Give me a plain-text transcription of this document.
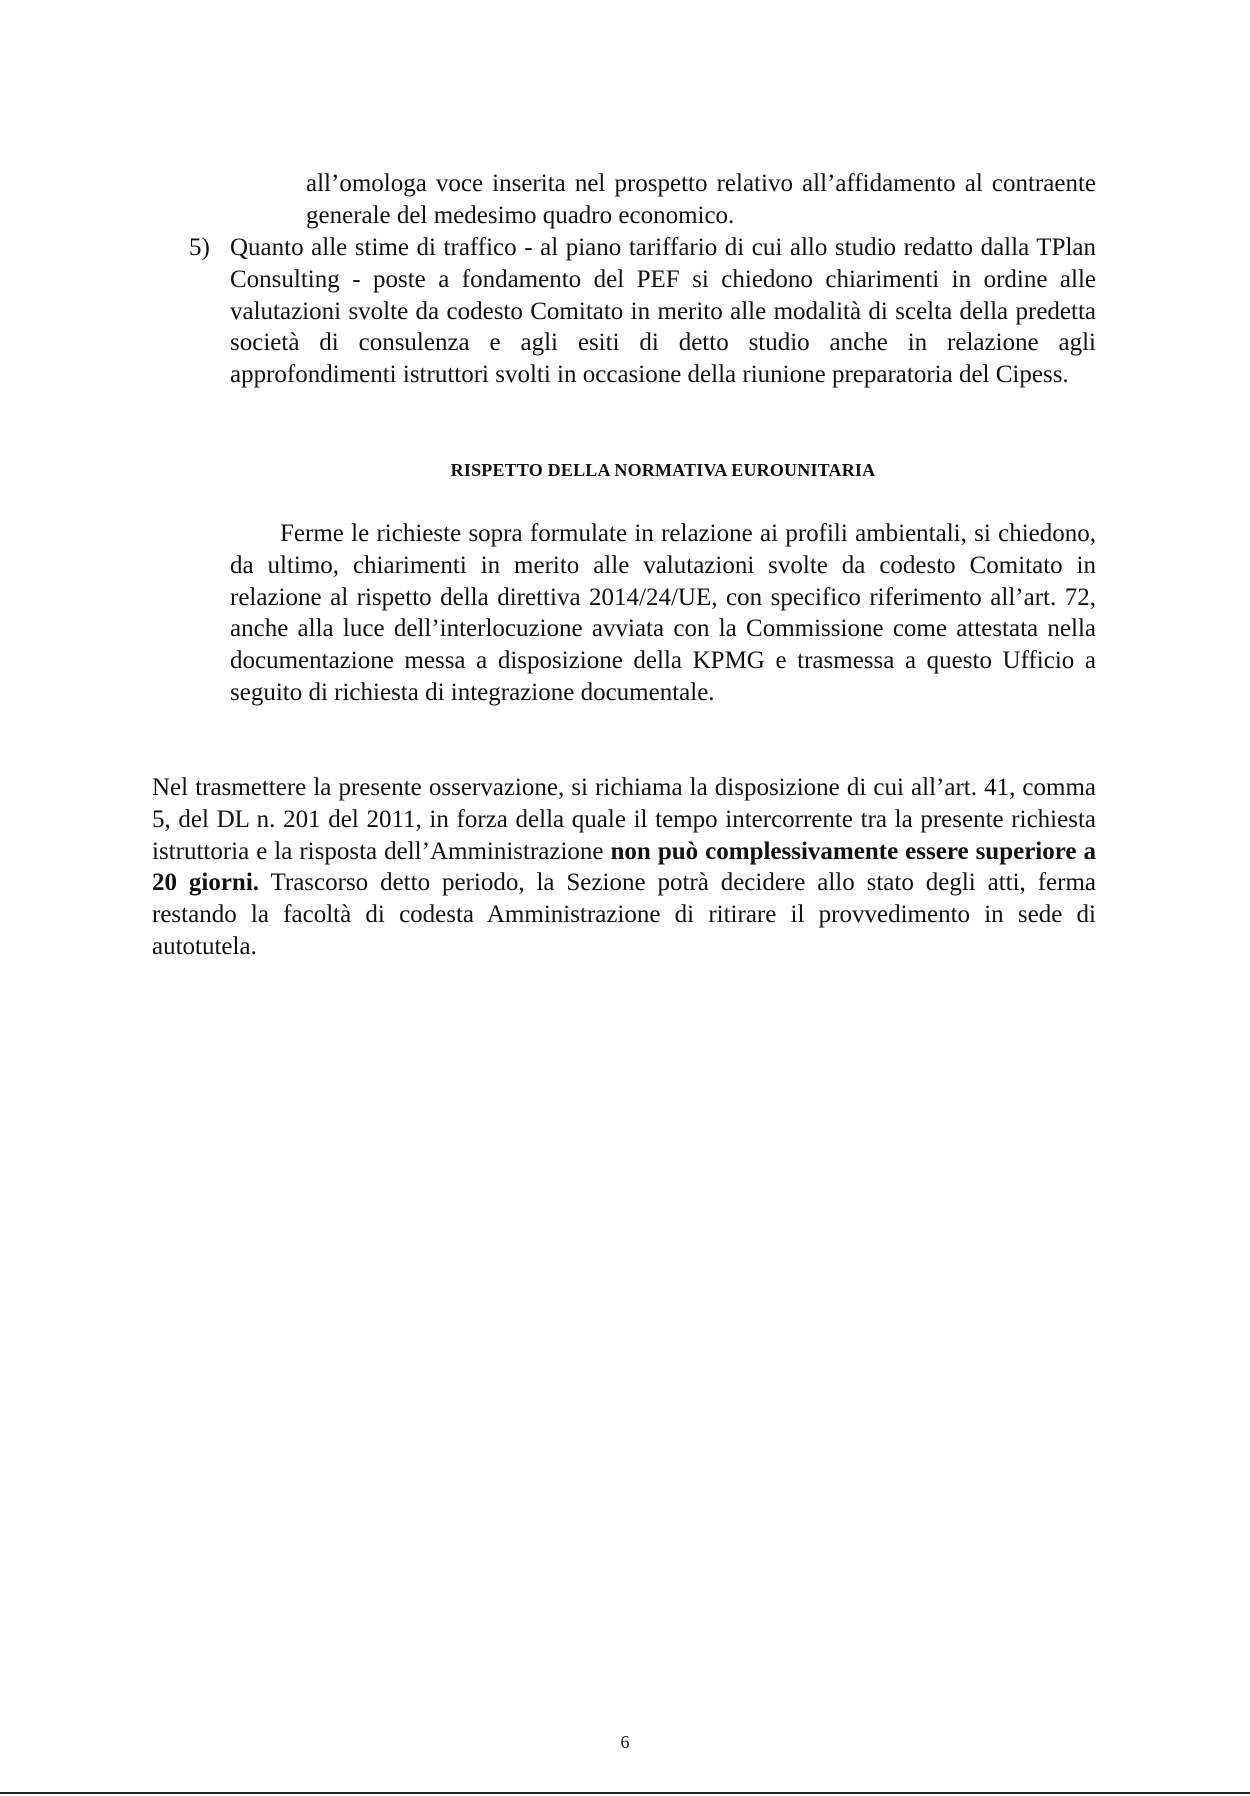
all’omologa voce inserita nel prospetto relativo all’affidamento al contraente generale del medesimo quadro economico.

5) Quanto alle stime di traffico - al piano tariffario di cui allo studio redatto dalla TPlan Consulting - poste a fondamento del PEF si chiedono chiarimenti in ordine alle valutazioni svolte da codesto Comitato in merito alle modalità di scelta della predetta società di consulenza e agli esiti di detto studio anche in relazione agli approfondimenti istruttori svolti in occasione della riunione preparatoria del Cipess.

RISPETTO DELLA NORMATIVA EUROUNITARIA

Ferme le richieste sopra formulate in relazione ai profili ambientali, si chiedono, da ultimo, chiarimenti in merito alle valutazioni svolte da codesto Comitato in relazione al rispetto della direttiva 2014/24/UE, con specifico riferimento all’art. 72, anche alla luce dell’interlocuzione avviata con la Commissione come attestata nella documentazione messa a disposizione della KPMG e trasmessa a questo Ufficio a seguito di richiesta di integrazione documentale.

Nel trasmettere la presente osservazione, si richiama la disposizione di cui all’art. 41, comma 5, del DL n. 201 del 2011, in forza della quale il tempo intercorrente tra la presente richiesta istruttoria e la risposta dell’Amministrazione non può complessivamente essere superiore a 20 giorni. Trascorso detto periodo, la Sezione potrà decidere allo stato degli atti, ferma restando la facoltà di codesta Amministrazione di ritirare il provvedimento in sede di autotutela.

6
